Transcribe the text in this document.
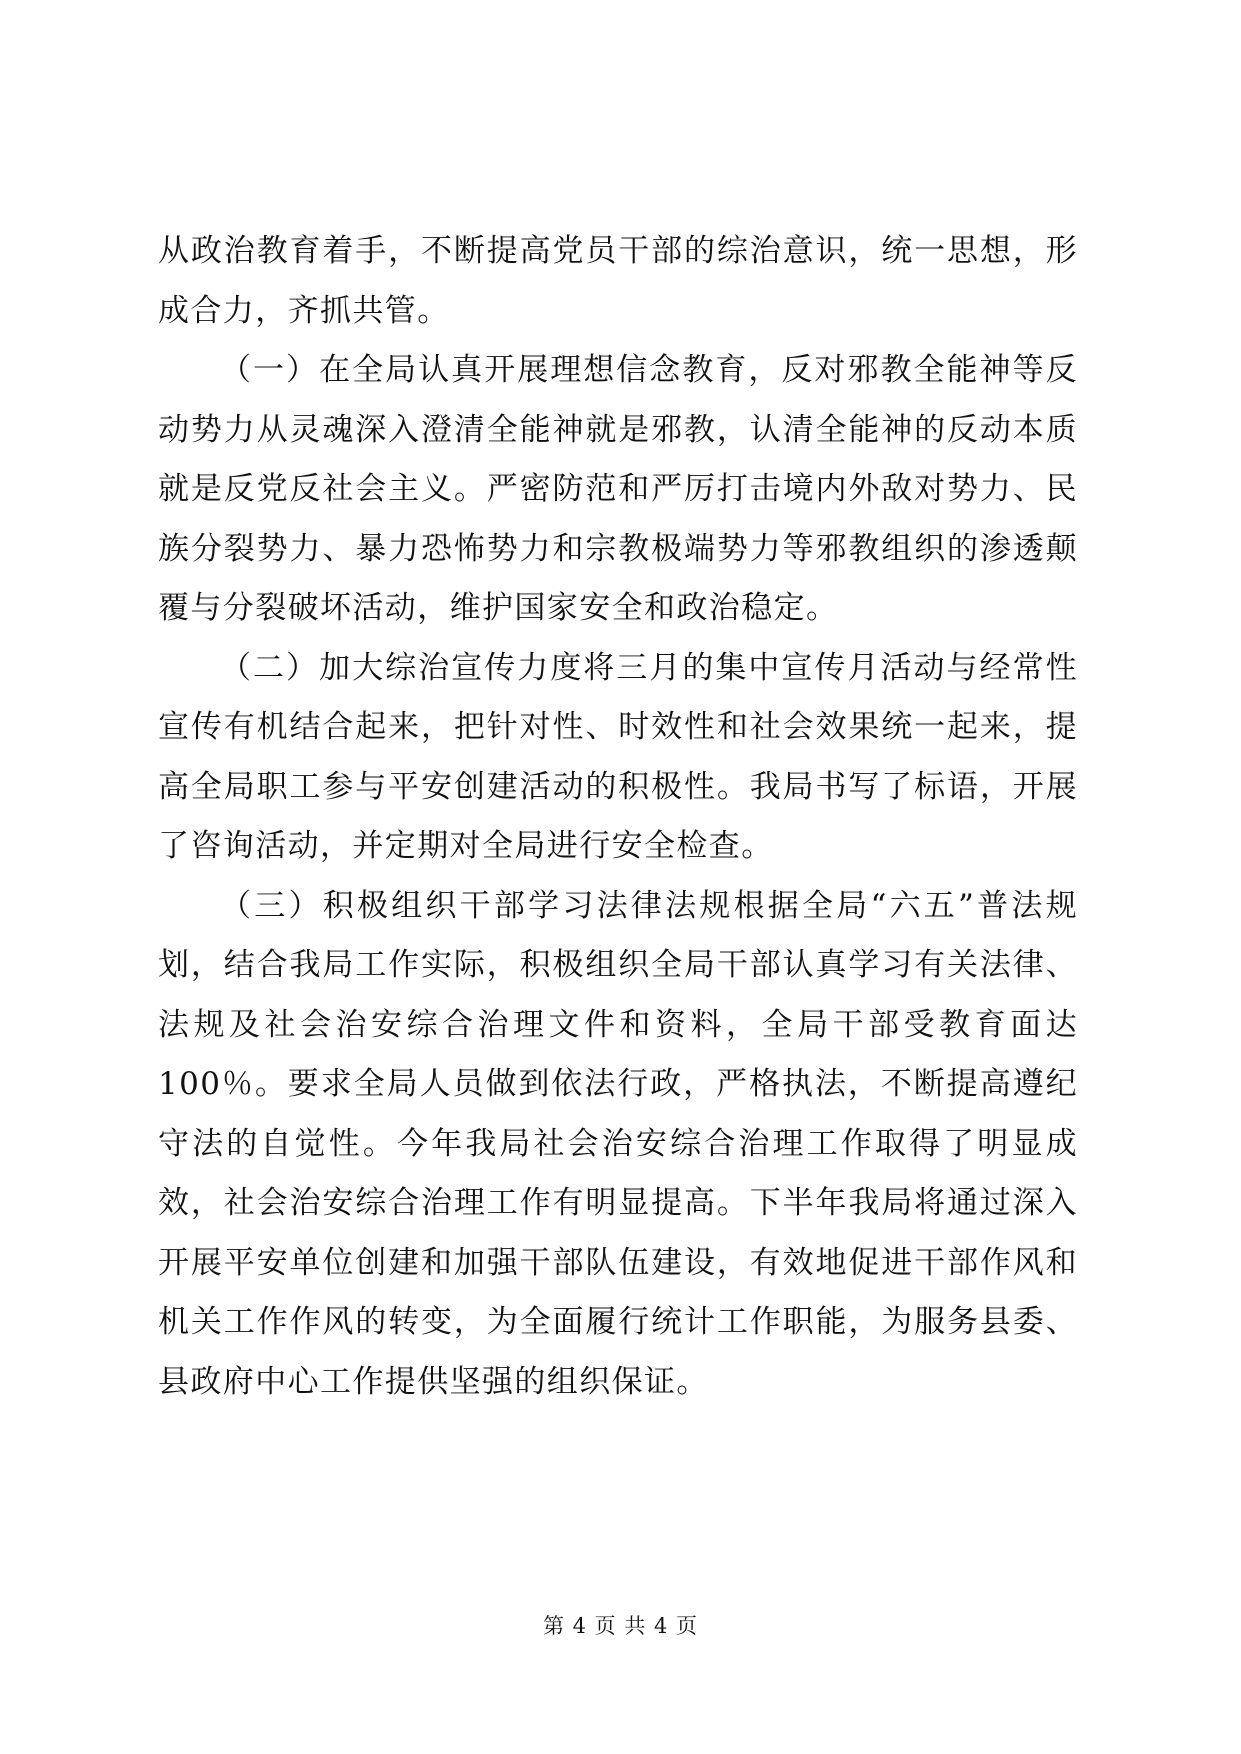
从政治教育着手，不断提高党员干部的综治意识，统一思想，形成合力，齐抓共管。

（一）在全局认真开展理想信念教育，反对邪教全能神等反动势力从灵魂深入澄清全能神就是邪教，认清全能神的反动本质就是反党反社会主义。严密防范和严厉打击境内外敌对势力、民族分裂势力、暴力恐怖势力和宗教极端势力等邪教组织的渗透颠覆与分裂破坏活动，维护国家安全和政治稳定。

（二）加大综治宣传力度将三月的集中宣传月活动与经常性宣传有机结合起来，把针对性、时效性和社会效果统一起来，提高全局职工参与平安创建活动的积极性。我局书写了标语，开展了咨询活动，并定期对全局进行安全检查。

（三）积极组织干部学习法律法规根据全局“六五”普法规划，结合我局工作实际，积极组织全局干部认真学习有关法律、法规及社会治安综合治理文件和资料，全局干部受教育面达100％。要求全局人员做到依法行政，严格执法，不断提高遵纪守法的自觉性。今年我局社会治安综合治理工作取得了明显成效，社会治安综合治理工作有明显提高。下半年我局将通过深入开展平安单位创建和加强干部队伍建设，有效地促进干部作风和机关工作作风的转变，为全面履行统计工作职能，为服务县委、县政府中心工作提供坚强的组织保证。

第 4 页 共 4 页
